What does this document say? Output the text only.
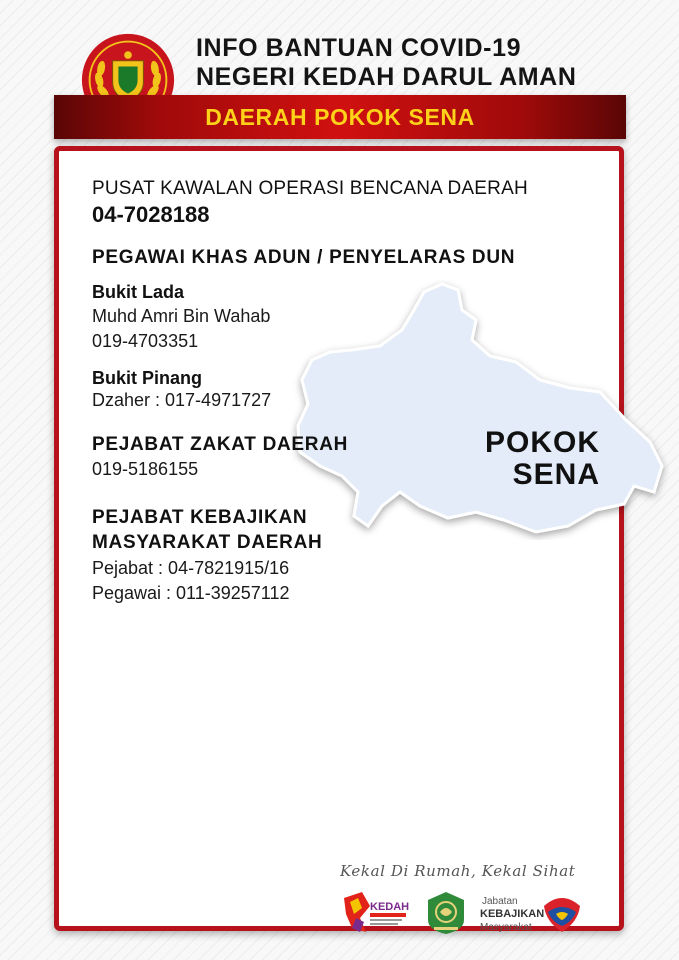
INFO BANTUAN COVID-19
NEGERI KEDAH DARUL AMAN
DAERAH POKOK SENA
POKOK
SENA
PUSAT KAWALAN OPERASI BENCANA DAERAH
04-7028188
PEGAWAI KHAS ADUN / PENYELARAS DUN
Bukit Lada
Muhd Amri Bin Wahab
019-4703351
Bukit Pinang
Dzaher : 017-4971727
PEJABAT ZAKAT DAERAH
019-5186155
PEJABAT KEBAJIKAN
MASYARAKAT DAERAH
Pejabat : 04-7821915/16
Pegawai : 011-39257112
Kekal Di Rumah, Kekal Sihat
KEDAH	Jabatan
KEBAJIKAN
Masyarakat
